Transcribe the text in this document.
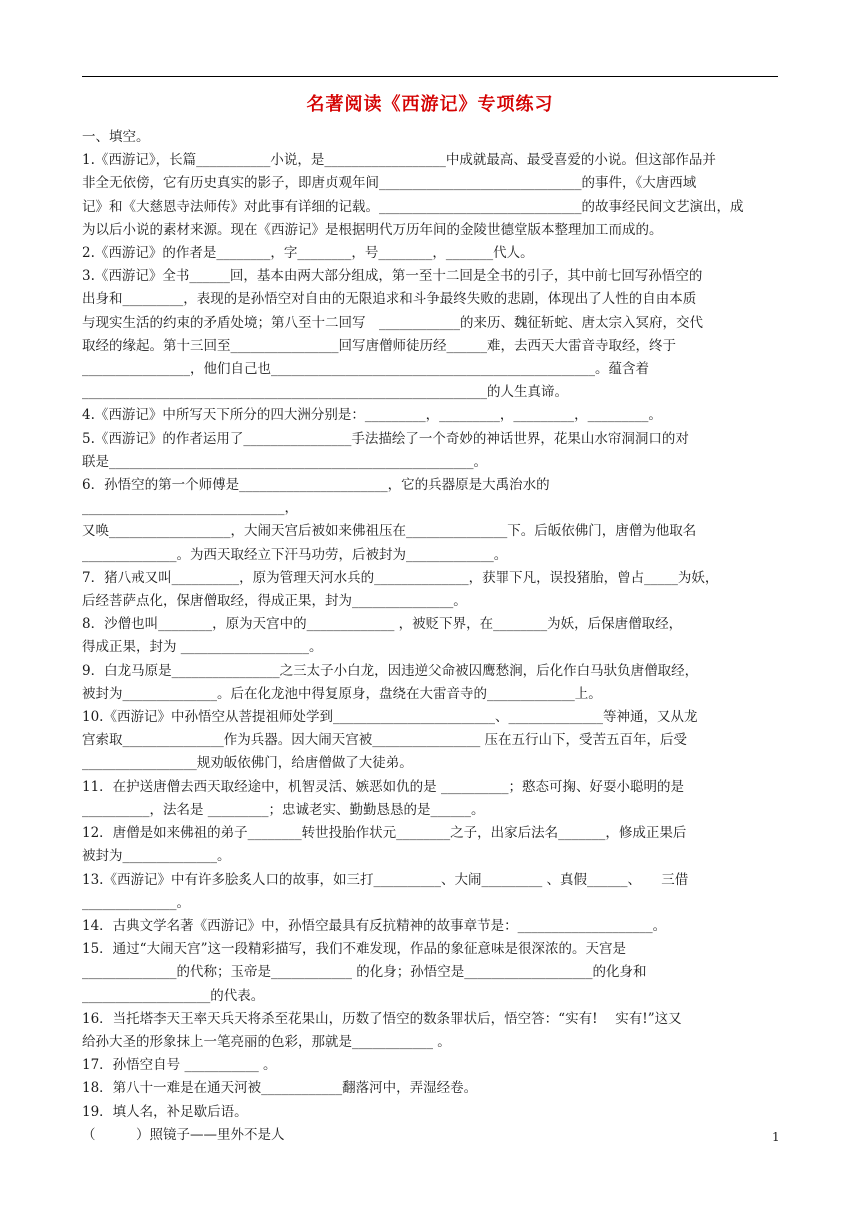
名著阅读《西游记》专项练习

一、填空。

1.《西游记》，长篇___________小说，是__________________中成就最高、最受喜爱的小说。但这部作品并

非全无依傍，它有历史真实的影子，即唐贞观年间______________________________的事件，《大唐西域

记》和《大慈恩寺法师传》对此事有详细的记载。______________________________的故事经民间文艺演出，成

为以后小说的素材来源。现在《西游记》是根据明代万历年间的金陵世德堂版本整理加工而成的。

2.《西游记》的作者是________，字________，号________，_______代人。

3.《西游记》全书______回，基本由两大部分组成，第一至十二回是全书的引子，其中前七回写孙悟空的

出身和_________，表现的是孙悟空对自由的无限追求和斗争最终失败的悲剧，体现出了人性的自由本质

与现实生活的约束的矛盾处境；第八至十二回写　____________的来历、魏征斩蛇、唐太宗入冥府，交代

取经的缘起。第十三回至________________回写唐僧师徒历经______难，去西天大雷音寺取经，终于

________________，他们自己也________________________________________________。蕴含着

____________________________________________________________的人生真谛。

4.《西游记》中所写天下所分的四大洲分别是：_________，_________，_________，_________。

5.《西游记》的作者运用了________________手法描绘了一个奇妙的神话世界，花果山水帘洞洞口的对

联是______________________________________________________。

6．孙悟空的第一个师傅是______________________，它的兵器原是大禹治水的

______________________________，

又唤__________________，大闹天宫后被如来佛祖压在_______________下。后皈依佛门，唐僧为他取名

______________。为西天取经立下汗马功劳，后被封为_____________。

7．猪八戒又叫__________，原为管理天河水兵的______________，获罪下凡，误投猪胎，曾占_____为妖，

后经菩萨点化，保唐僧取经，得成正果，封为_______________。

8．沙僧也叫________，原为天宫中的_____________ ，被贬下界，在________为妖，后保唐僧取经，

得成正果，封为 ___________________。

9．白龙马原是________________之三太子小白龙，因违逆父命被囚鹰愁涧，后化作白马驮负唐僧取经，

被封为______________。后在化龙池中得复原身，盘绕在大雷音寺的_____________上。

10.《西游记》中孙悟空从菩提祖师处学到________________________、______________等神通，又从龙

宫索取_______________作为兵器。因大闹天宫被________________ 压在五行山下，受苦五百年，后受

_________________规劝皈依佛门，给唐僧做了大徒弟。

11．在护送唐僧去西天取经途中，机智灵活、嫉恶如仇的是 __________；憨态可掬、好耍小聪明的是

__________，法名是 _________；忠诚老实、勤勤恳恳的是______。

12．唐僧是如来佛祖的弟子________转世投胎作状元________之子，出家后法名_______，修成正果后

被封为______________。

13.《西游记》中有许多脍炙人口的故事，如三打__________、大闹_________ 、真假______、　　三借

______________。

14．古典文学名著《西游记》中，孙悟空最具有反抗精神的故事章节是：____________________。

15．通过“大闹天宫”这一段精彩描写，我们不难发现，作品的象征意味是很深浓的。天宫是

______________的代称；玉帝是____________ 的化身；孙悟空是___________________的化身和

___________________的代表。

16．当托塔李天王率天兵天将杀至花果山，历数了悟空的数条罪状后，悟空答：“实有!　 实有!”这又

给孙大圣的形象抹上一笔亮丽的色彩，那就是____________ 。

17．孙悟空自号 ___________ 。

18．第八十一难是在通天河被____________翻落河中，弄湿经卷。

19．填人名，补足歇后语。

（　　　）照镜子——里外不是人	1
